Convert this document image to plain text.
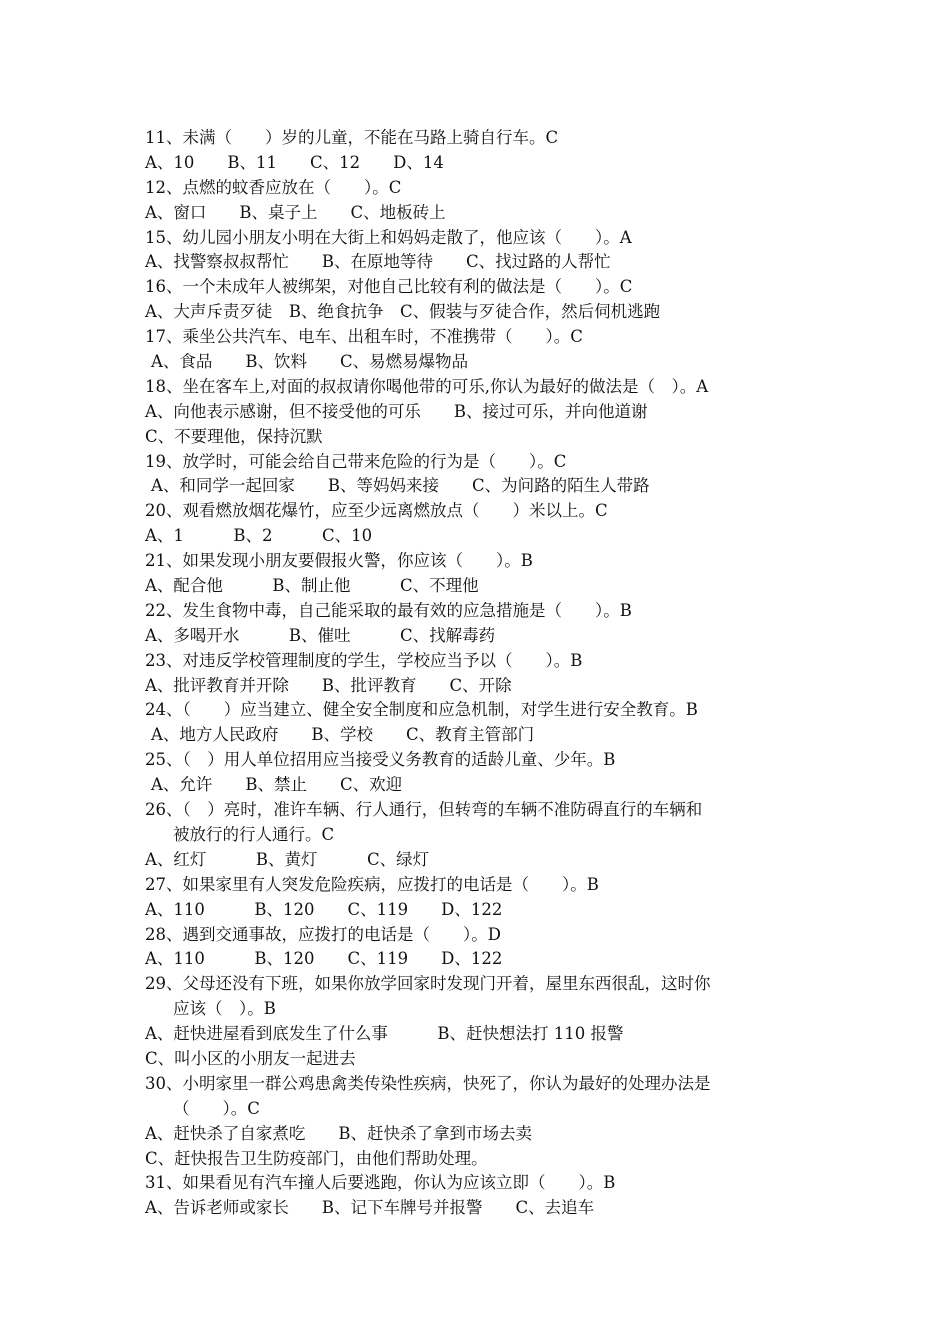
11、未满（　　）岁的儿童，不能在马路上骑自行车。C
A、10　　B、11　　C、12　　D、14
12、点燃的蚊香应放在（　　）。C
A、窗口　　B、桌子上　　C、地板砖上
15、幼儿园小朋友小明在大街上和妈妈走散了，他应该（　　）。A
A、找警察叔叔帮忙　　B、在原地等待　　C、找过路的人帮忙
16、一个未成年人被绑架，对他自己比较有利的做法是（　　）。C
A、大声斥责歹徒　B、绝食抗争　C、假装与歹徒合作，然后伺机逃跑
17、乘坐公共汽车、电车、出租车时，不准携带（　　）。C
A、食品　　B、饮料　　C、易燃易爆物品
18、坐在客车上,对面的叔叔请你喝他带的可乐,你认为最好的做法是（　）。A
A、向他表示感谢，但不接受他的可乐　　B、接过可乐，并向他道谢
C、不要理他，保持沉默
19、放学时，可能会给自己带来危险的行为是（　　）。C
A、和同学一起回家　　B、等妈妈来接　　C、为问路的陌生人带路
20、观看燃放烟花爆竹，应至少远离燃放点（　　）米以上。C
A、1　　　B、2　　　C、10
21、如果发现小朋友要假报火警，你应该（　　）。B
A、配合他　　　B、制止他　　　C、不理他
22、发生食物中毒，自己能采取的最有效的应急措施是（　　）。B
A、多喝开水　　　B、催吐　　　C、找解毒药
23、对违反学校管理制度的学生，学校应当予以（　　）。B
A、批评教育并开除　　B、批评教育　　C、开除
24、（　　）应当建立、健全安全制度和应急机制，对学生进行安全教育。B
A、地方人民政府　　B、学校　　C、教育主管部门
25、（　）用人单位招用应当接受义务教育的适龄儿童、少年。B
A、允许　　B、禁止　　C、欢迎
26、（　）亮时，准许车辆、行人通行，但转弯的车辆不准防碍直行的车辆和
被放行的行人通行。C
A、红灯　　　B、黄灯　　　C、绿灯
27、如果家里有人突发危险疾病，应拨打的电话是（　　）。B
A、110　　　B、120　　C、119　　D、122
28、遇到交通事故，应拨打的电话是（　　）。D
A、110　　　B、120　　C、119　　D、122
29、父母还没有下班，如果你放学回家时发现门开着，屋里东西很乱，这时你
应该（　）。B
A、赶快进屋看到底发生了什么事　　　B、赶快想法打 110 报警
C、叫小区的小朋友一起进去
30、小明家里一群公鸡患禽类传染性疾病，快死了，你认为最好的处理办法是
（　　）。C
A、赶快杀了自家煮吃　　B、赶快杀了拿到市场去卖
C、赶快报告卫生防疫部门，由他们帮助处理。
31、如果看见有汽车撞人后要逃跑，你认为应该立即（　　）。B
A、告诉老师或家长　　B、记下车牌号并报警　　C、去追车
